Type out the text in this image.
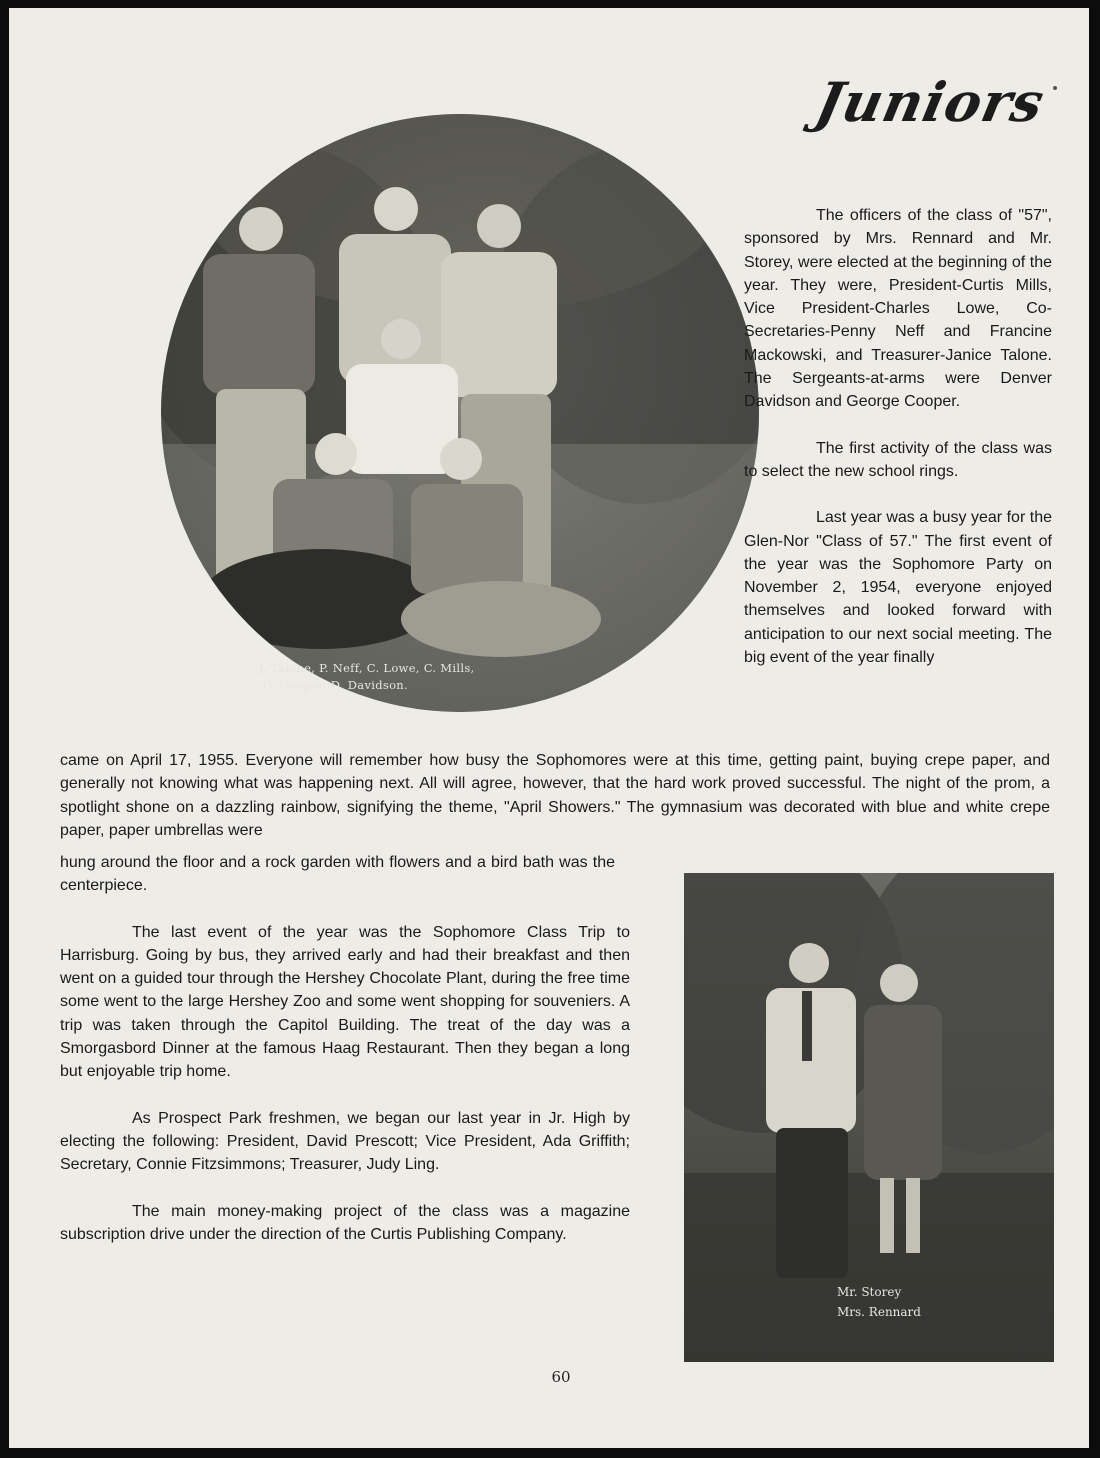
Juniors
J. Talone, P. Neff, C. Lowe, C. Mills,
G. Cooper, D. Davidson.

The officers of the class of "57", sponsored by Mrs. Rennard and Mr. Storey, were elected at the beginning of the year. They were, President-Curtis Mills, Vice President-Charles Lowe, Co-Secretaries-Penny Neff and Francine Mackowski, and Treasurer-Janice Talone. The Sergeants-at-arms were Denver Davidson and George Cooper.

The first activity of the class was to select the new school rings.

Last year was a busy year for the Glen-Nor "Class of 57." The first event of the year was the Sophomore Party on November 2, 1954, everyone enjoyed themselves and looked forward with anticipation to our next social meeting. The big event of the year finally

came on April 17, 1955. Everyone will remember how busy the Sophomores were at this time, getting paint, buying crepe paper, and generally not knowing what was happening next. All will agree, however, that the hard work proved successful. The night of the prom, a spotlight shone on a dazzling rainbow, signifying the theme, "April Showers." The gymnasium was decorated with blue and white crepe paper, paper umbrellas were

hung around the floor and a rock garden with flowers and a bird bath was the centerpiece.

The last event of the year was the Sophomore Class Trip to Harrisburg. Going by bus, they arrived early and had their breakfast and then went on a guided tour through the Hershey Chocolate Plant, during the free time some went to the large Hershey Zoo and some went shopping for souveniers. A trip was taken through the Capitol Building. The treat of the day was a Smorgasbord Dinner at the famous Haag Restaurant. Then they began a long but enjoyable trip home.

As Prospect Park freshmen, we began our last year in Jr. High by electing the following: President, David Prescott; Vice President, Ada Griffith; Secretary, Connie Fitzsimmons; Treasurer, Judy Ling.

The main money-making project of the class was a magazine subscription drive under the direction of the Curtis Publishing Company.

Mr. Storey
Mrs. Rennard
60
